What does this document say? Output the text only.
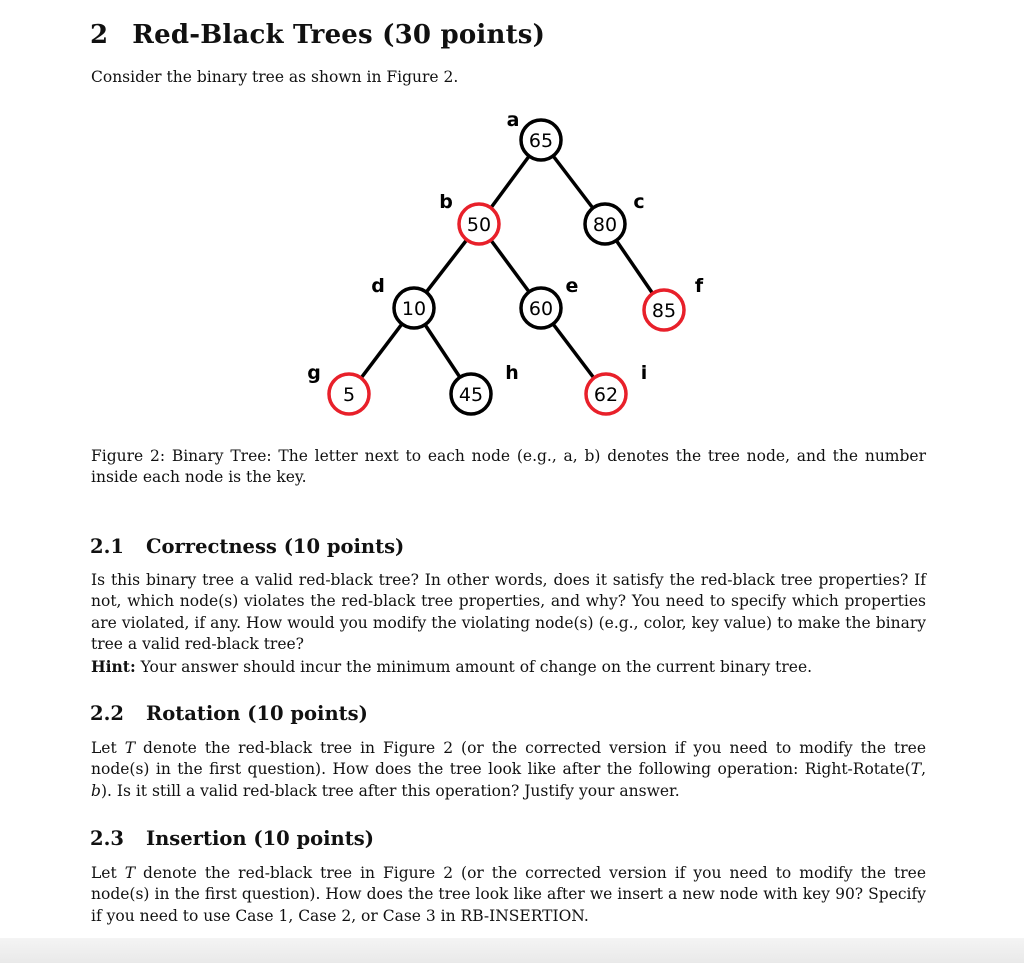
2 Red-Black Trees (30 points)

Consider the binary tree as shown in Figure 2.

65
a
50
b
80
c
10
d
60
e
85
f
5
g
45
h
62
i

Figure 2: Binary Tree: The letter next to each node (e.g., a, b) denotes the tree node, and the number inside each node is the key.

2.1 Correctness (10 points)

Is this binary tree a valid red-black tree? In other words, does it satisfy the red-black tree properties? If not, which node(s) violates the red-black tree properties, and why? You need to specify which properties are violated, if any. How would you modify the violating node(s) (e.g., color, key value) to make the binary tree a valid red-black tree?

Hint: Your answer should incur the minimum amount of change on the current binary tree.

2.2 Rotation (10 points)

Let T denote the red-black tree in Figure 2 (or the corrected version if you need to modify the tree node(s) in the first question). How does the tree look like after the following operation: Right-Rotate(T, b). Is it still a valid red-black tree after this operation? Justify your answer.

2.3 Insertion (10 points)

Let T denote the red-black tree in Figure 2 (or the corrected version if you need to modify the tree node(s) in the first question). How does the tree look like after we insert a new node with key 90? Specify if you need to use Case 1, Case 2, or Case 3 in RB-INSERTION.
